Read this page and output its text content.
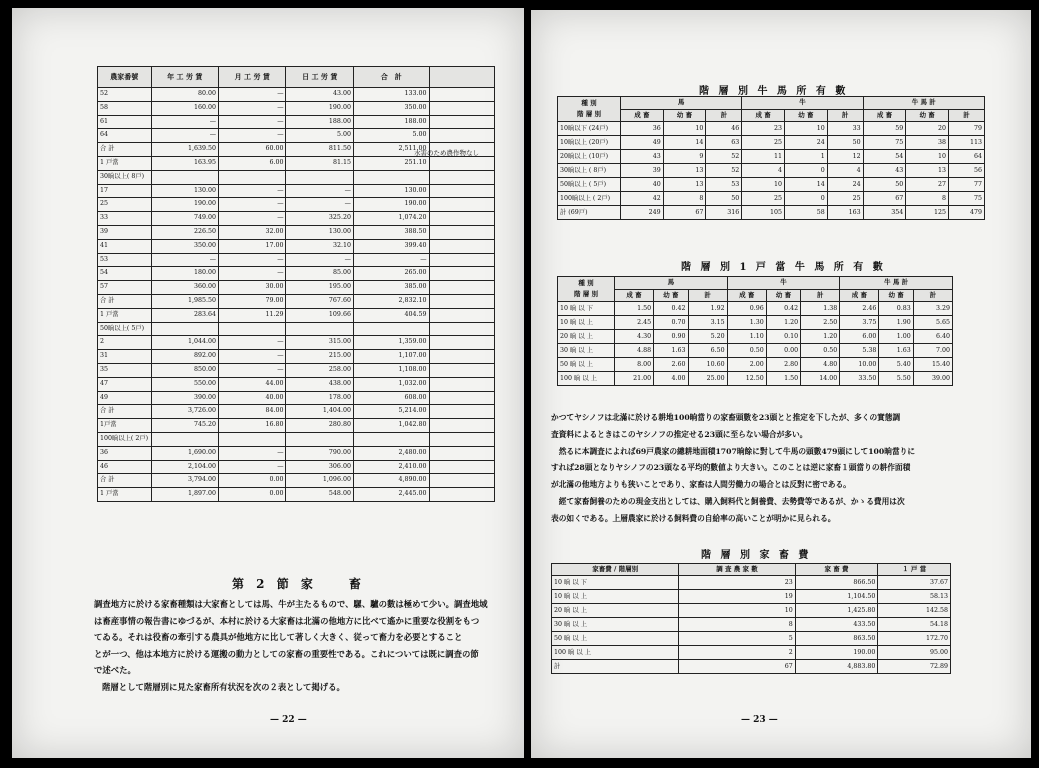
農家番號	年 工 労 賃	月 工 労 賃	日 工 労 賃	合　 計	
52	80.00	—	43.00	133.00	
58	160.00	—	190.00	350.00	
61	—	—	188.00	188.00	
64	—	—	5.00	5.00	
合 計	1,639.50	60.00	811.50	2,511.00	
1 戸當	163.95	6.00	81.15	251.10	
30晌以上( 8戸)					
17	130.00	—	—	130.00	
25	190.00	—	—	190.00	
33	749.00	—	325.20	1,074.20	
39	226.50	32.00	130.00	388.50	
41	350.00	17.00	32.10	399.40	
53	—	—	—	—	
54	180.00	—	85.00	265.00	
57	360.00	30.00	195.00	385.00	
合 計	1,985.50	79.00	767.60	2,832.10	
1 戸當	283.64	11.29	109.66	404.59	
50晌以上( 5戸)					
2	1,044.00	—	315.00	1,359.00	
31	892.00	—	215.00	1,107.00	
35	850.00	—	258.00	1,108.00	
47	550.00	44.00	438.00	1,032.00	
49	390.00	40.00	178.00	608.00	
合 計	3,726.00	84.00	1,404.00	5,214.00	
1戸當	745.20	16.80	280.80	1,042.80	
100晌以上( 2戸)					
36	1,690.00	—	790.00	2,480.00	
46	2,104.00	—	306.00	2,410.00	
合 計	3,794.00	0.00	1,096.00	4,890.00	
1 戸當	1,897.00	0.00	548.00	2,445.00	
水害のため農作物なし
第 2 節 家　　畜
調査地方に於ける家畜種類は大家畜としては馬、牛が主たるもので、騾、驢の數は極めて少い。調査地域
は畜産事情の報告書にゆづるが、本村に於ける大家畜は北滿の他地方に比べて遙かに重要な役割をもつ
てゐる。それは役畜の牽引する農具が他地方に比して著しく大きく、従って畜力を必要とすること
とが一つ、他は本地方に於ける運搬の動力としての家畜の重要性である。これについては既に調査の節
で述べた。
階層として階層別に見た家畜所有状況を次の２表として掲げる。
— 22 —
階 層 別 牛 馬 所 有 數
種 別
階 層 別	馬			牛			牛 馬 計		
	成 畜	幼 畜	計	成 畜	幼 畜	計	成 畜	幼 畜	計
10晌以下 (24戸)	36	10	46	23	10	33	59	20	79
10晌以上 (20戸)	49	14	63	25	24	50	75	38	113
20晌以上 (10戸)	43	9	52	11	1	12	54	10	64
30晌以上 ( 8戸)	39	13	52	4	0	4	43	13	56
50晌以上 ( 5戸)	40	13	53	10	14	24	50	27	77
100晌以上 ( 2戸)	42	8	50	25	0	25	67	8	75
計 (69戸)	249	67	316	105	58	163	354	125	479
階 層 別 1 戸 當 牛 馬 所 有 數
種 別
階 層 別	馬			牛			牛 馬 計		
	成 畜	幼 畜	計	成 畜	幼 畜	計	成 畜	幼 畜	計
10 晌 以 下	1.50	0.42	1.92	0.96	0.42	1.38	2.46	0.83	3.29
10 晌 以 上	2.45	0.70	3.15	1.30	1.20	2.50	3.75	1.90	5.65
20 晌 以 上	4.30	0.90	5.20	1.10	0.10	1.20	6.00	1.00	6.40
30 晌 以 上	4.88	1.63	6.50	0.50	0.00	0.50	5.38	1.63	7.00
50 晌 以 上	8.00	2.60	10.60	2.00	2.80	4.80	10.00	5.40	15.40
100 晌 以 上	21.00	4.00	25.00	12.50	1.50	14.00	33.50	5.50	39.00
かつてヤシノフは北滿に於ける耕地100晌當りの家畜頭數を23頭とと推定を下したが、多くの實態調
査資料によるときはこのヤシノフの推定せる23頭に至らない場合が多い。
　然るに本調査によれば69戸農家の總耕地面積1707晌餘に對して牛馬の頭數479頭にして100晌當りに
すれば28頭となりヤシノフの23頭なる平均的數値より大きい。このことは逆に家畜１頭當りの耕作面積
が北滿の他地方よりも狭いことであり、家畜は人間労働力の場合とは反對に密である。
　經て家畜飼養のための現金支出としては、購入飼料代と飼養費、去勢費等であるが、かゝる費用は次
表の如くである。上層農家に於ける飼料費の自給率の高いことが明かに見られる。
階 層 別 家 畜 費
家畜費 / 階層別	調 査 農 家 數	家 畜 費	１ 戸 當
10 晌 以 下	23	866.50	37.67
10 晌 以 上	19	1,104.50	58.13
20 晌 以 上	10	1,425.80	142.58
30 晌 以 上	8	433.50	54.18
50 晌 以 上	5	863.50	172.70
100 晌 以 上	2	190.00	95.00
計	67	4,883.80	72.89
— 23 —
